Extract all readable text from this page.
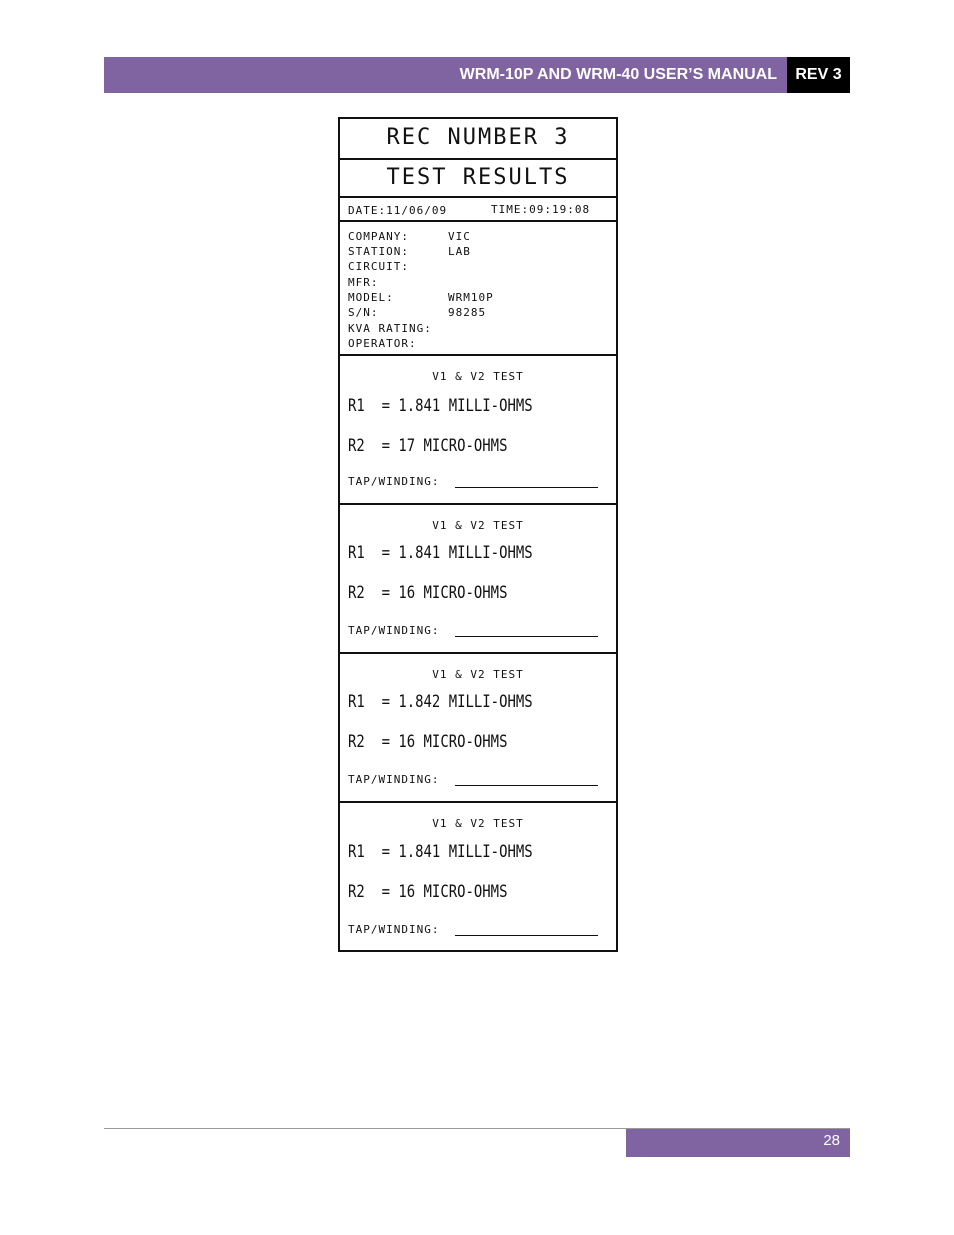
WRM-10P AND WRM-40 USER’S MANUAL	REV 3
REC NUMBER 3
TEST RESULTS
DATE:11/06/09	TIME:09:19:08
COMPANY:	VIC
STATION:	LAB
CIRCUIT:
MFR:
MODEL:	WRM10P
S/N:	98285
KVA RATING:
OPERATOR:
V1 & V2 TEST
R1  = 1.841 MILLI-OHMS
R2  = 17 MICRO-OHMS
TAP/WINDING:
V1 & V2 TEST
R1  = 1.841 MILLI-OHMS
R2  = 16 MICRO-OHMS
TAP/WINDING:
V1 & V2 TEST
R1  = 1.842 MILLI-OHMS
R2  = 16 MICRO-OHMS
TAP/WINDING:
V1 & V2 TEST
R1  = 1.841 MILLI-OHMS
R2  = 16 MICRO-OHMS
TAP/WINDING:
28
